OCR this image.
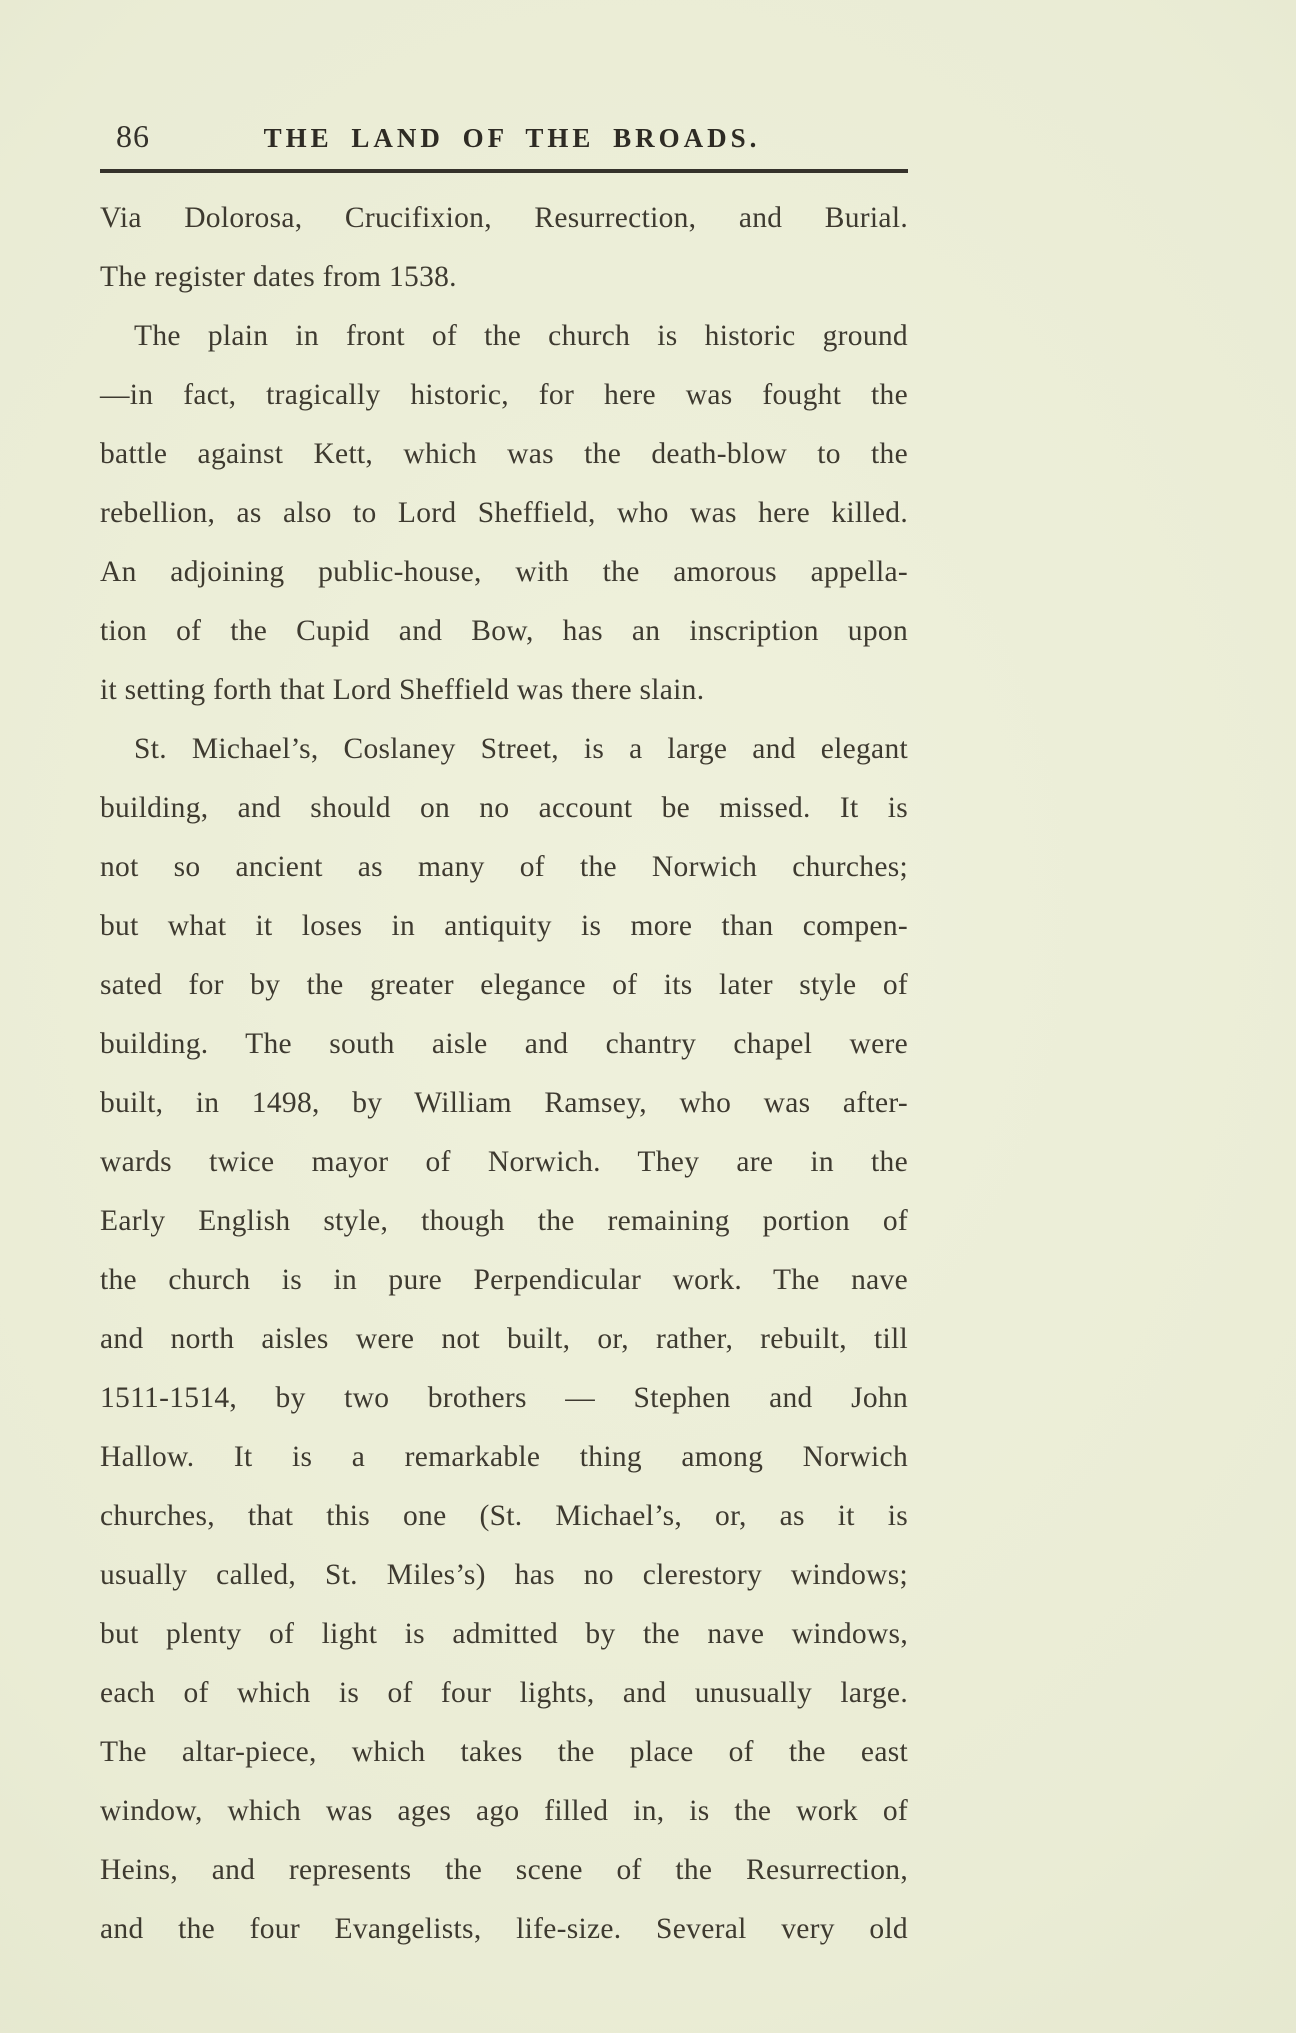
86	THE LAND OF THE BROADS.
Via Dolorosa, Crucifixion, Resurrection, and Burial.
The register dates from 1538.
The plain in front of the church is historic ground
—in fact, tragically historic, for here was fought the
battle against Kett, which was the death-blow to the
rebellion, as also to Lord Sheffield, who was here killed.
An adjoining public-house, with the amorous appella-
tion of the Cupid and Bow, has an inscription upon
it setting forth that Lord Sheffield was there slain.
St. Michael’s, Coslaney Street, is a large and elegant
building, and should on no account be missed. It is
not so ancient as many of the Norwich churches;
but what it loses in antiquity is more than compen-
sated for by the greater elegance of its later style of
building. The south aisle and chantry chapel were
built, in 1498, by William Ramsey, who was after-
wards twice mayor of Norwich. They are in the
Early English style, though the remaining portion of
the church is in pure Perpendicular work. The nave
and north aisles were not built, or, rather, rebuilt, till
1511-1514, by two brothers — Stephen and John
Hallow. It is a remarkable thing among Norwich
churches, that this one (St. Michael’s, or, as it is
usually called, St. Miles’s) has no clerestory windows;
but plenty of light is admitted by the nave windows,
each of which is of four lights, and unusually large.
The altar-piece, which takes the place of the east
window, which was ages ago filled in, is the work of
Heins, and represents the scene of the Resurrection,
and the four Evangelists, life-size. Several very old
